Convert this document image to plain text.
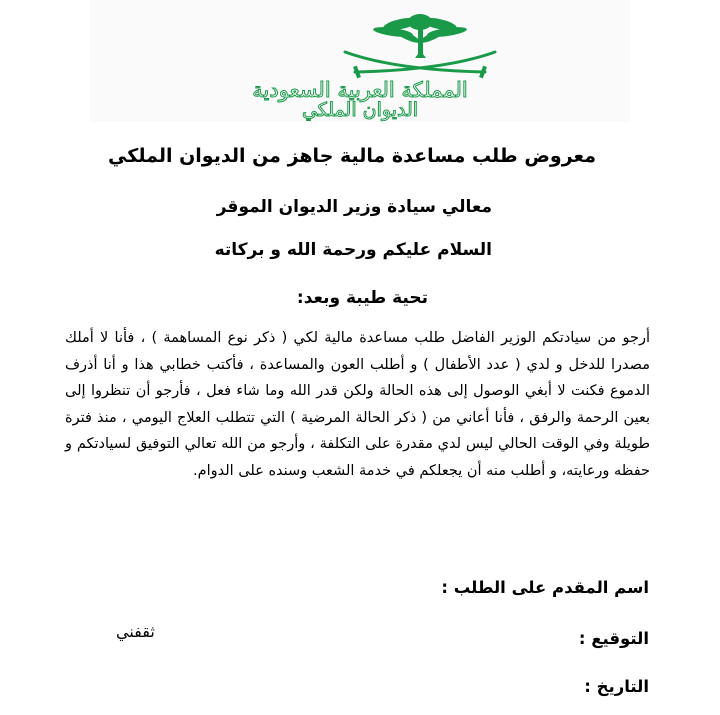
المملكة العربية السعودية
الديوان الملكي
معروض طلب مساعدة مالية جاهز من الديوان الملكي
معالي سيادة وزير الديوان الموقر
السلام عليكم ورحمة الله و بركاته
تحية طيبة وبعد:
أرجو من سيادتكم الوزير الفاضل طلب مساعدة مالية لكي ( ذكر نوع المساهمة ) ، فأنا لا أملك مصدرا للدخل و لدي ( عدد الأطفال ) و أطلب العون والمساعدة ، فأكتب خطابي هذا و أنا أذرف الدموع فكنت لا أبغي الوصول إلى هذه الحالة ولكن قدر الله وما شاء فعل ، فأرجو أن تنظروا إلى بعين الرحمة والرفق ، فأنا أعاني من ( ذكر الحالة المرضية ) التي تتطلب العلاج اليومي ، منذ فترة طويلة وفي الوقت الحالي ليس لدي مقدرة على التكلفة ، وأرجو من الله تعالي التوفيق لسيادتكم و حفظه ورعايته، و أطلب منه أن يجعلكم في خدمة الشعب وسنده على الدوام.
اسم المقدم على الطلب :
التوقيع :
ثقفني
التاريخ :
